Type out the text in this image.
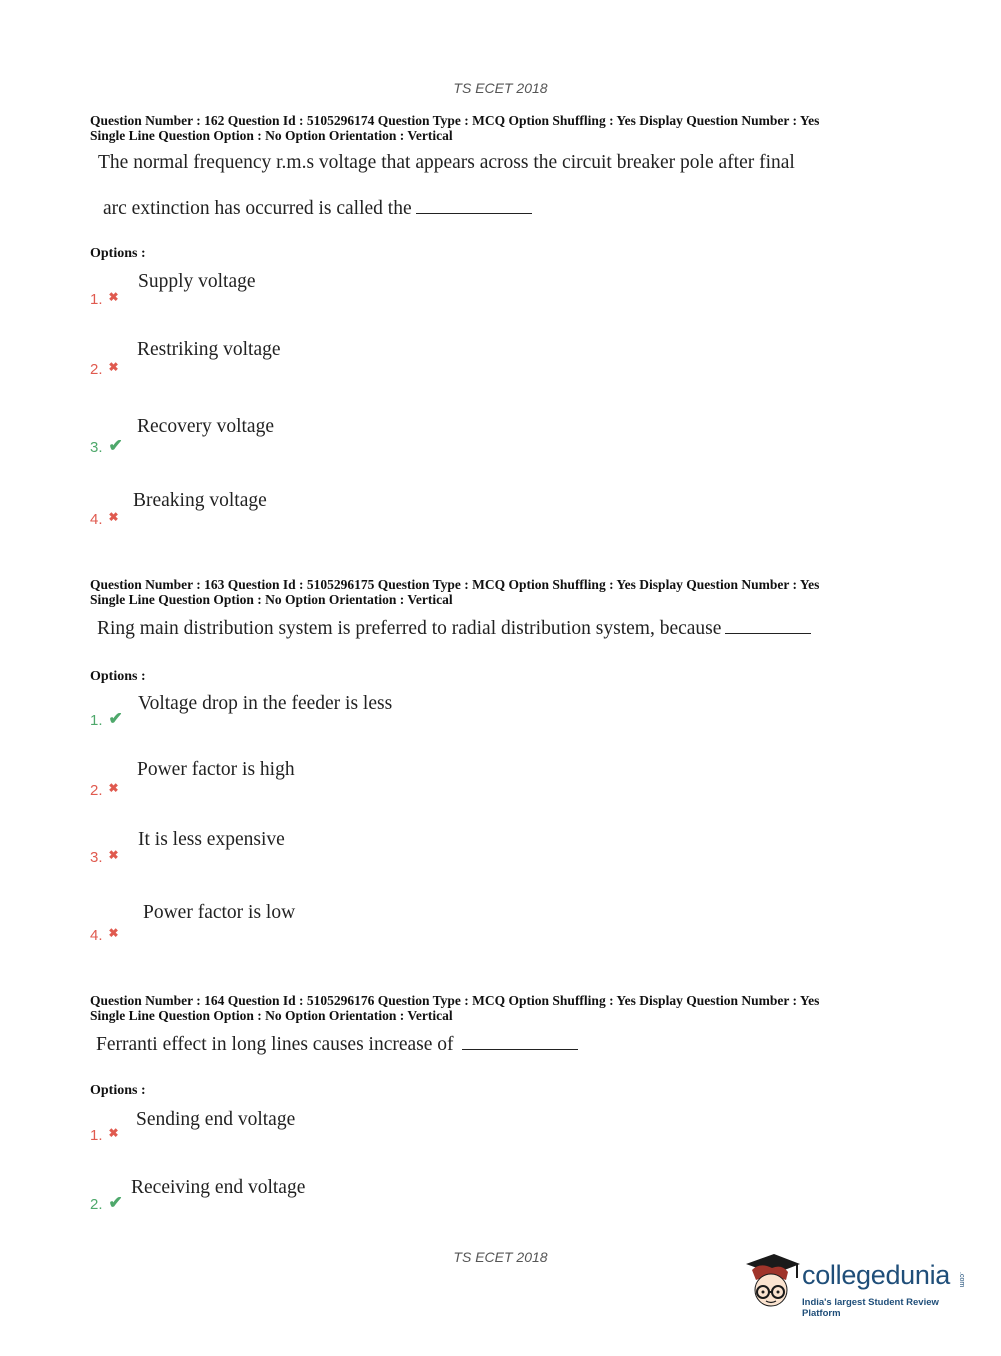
TS ECET 2018
Question Number : 162 Question Id : 5105296174 Question Type : MCQ Option Shuffling : Yes Display Question Number : Yes
Single Line Question Option : No Option Orientation : Vertical
The normal frequency r.m.s voltage that appears across the circuit breaker pole after final
arc extinction has occurred is called the
Options :
1. ✖
Supply voltage
2. ✖
Restriking voltage
3. ✔
Recovery voltage
4. ✖
Breaking voltage
Question Number : 163 Question Id : 5105296175 Question Type : MCQ Option Shuffling : Yes Display Question Number : Yes
Single Line Question Option : No Option Orientation : Vertical
Ring main distribution system is preferred to radial distribution system, because
Options :
1. ✔
Voltage drop in the feeder is less
2. ✖
Power factor is high
3. ✖
It is less expensive
4. ✖
Power factor is low
Question Number : 164 Question Id : 5105296176 Question Type : MCQ Option Shuffling : Yes Display Question Number : Yes
Single Line Question Option : No Option Orientation : Vertical
Ferranti effect in long lines causes increase of
Options :
1. ✖
Sending end voltage
2. ✔
Receiving end voltage
TS ECET 2018
collegedunia .com
India's largest Student Review Platform
